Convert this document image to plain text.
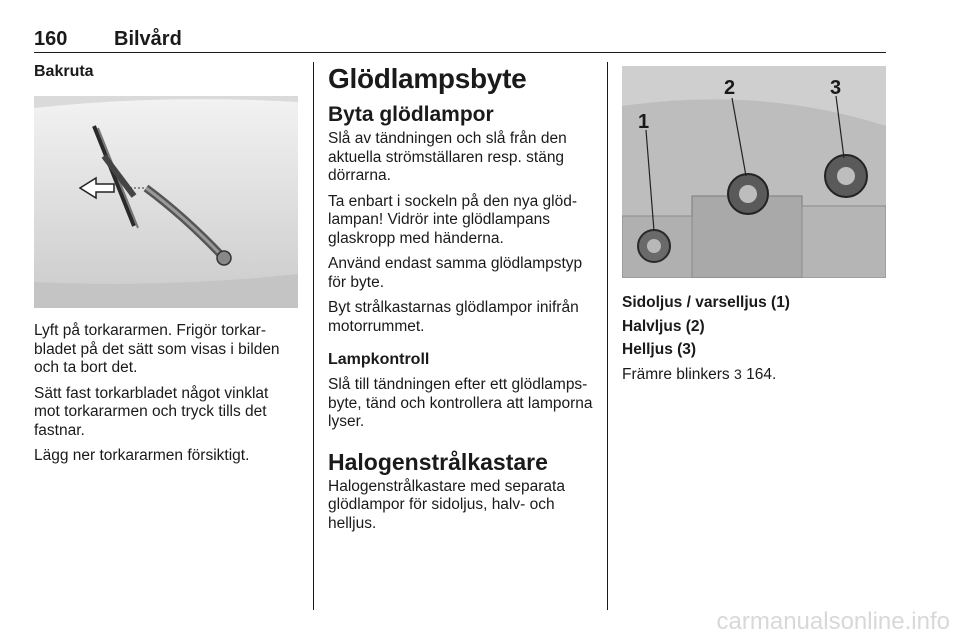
160 Bilvård
Bakruta

Lyft på torkararmen. Frigör torkar-bladet på det sätt som visas i bilden och ta bort det.

Sätt fast torkarbladet något vinklat mot torkararmen och tryck tills det fastnar.

Lägg ner torkararmen försiktigt.

Glödlampsbyte
Byta glödlampor

Slå av tändningen och slå från den aktuella strömställaren resp. stäng dörrarna.

Ta enbart i sockeln på den nya glöd-lampan! Vidrör inte glödlampans glaskropp med händerna.

Använd endast samma glödlampstyp för byte.

Byt strålkastarnas glödlampor inifrån motorrummet.

Lampkontroll

Slå till tändningen efter ett glödlamps-byte, tänd och kontrollera att lamporna lyser.

Halogenstrålkastare

Halogenstrålkastare med separata glödlampor för sidoljus, halv- och helljus.

1
2	3
Sidoljus / varselljus (1)
Halvljus (2)
Helljus (3)

Främre blinkers 3 164.

carmanualsonline.info
